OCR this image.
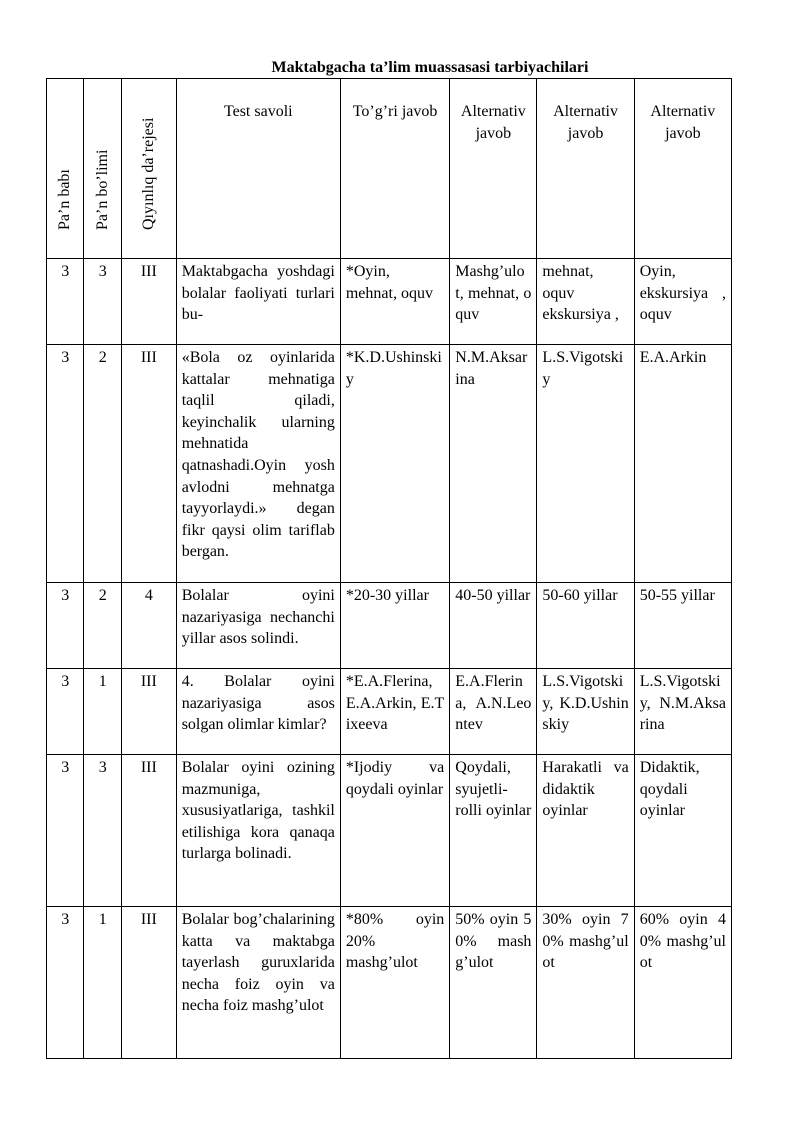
Maktabgacha ta’lim muassasasi tarbiyachilari
Pa’n babı	Pa’n bo’limi	Qıyınlıq da’rejesi	Test savoli	To’g’ri javob	Alternativ javob	Alternativ javob	Alternativ javob
3	3	III	Maktabgacha yoshdagi bolalar faoliyati turlari bu-	*Oyin, mehnat, oquv	Mashg’ulot, mehnat, oquv	mehnat, oquv ekskursiya ,	Oyin, ekskursiya , oquv
3	2	III	«Bola oz oyinlarida kattalar mehnatiga taqlil qiladi, keyinchalik ularning mehnatida qatnashadi.Oyin yosh avlodni mehnatga tayyorlaydi.» degan fikr qaysi olim tariflab bergan.	*K.D.Ushinskiy	N.M.Aksarina	L.S.Vigotskiy	E.A.Arkin
3	2	4	Bolalar oyini nazariyasiga nechanchi yillar asos solindi.	*20-30 yillar	40-50 yillar	50-60 yillar	50-55 yillar
3	1	III	4. Bolalar oyini nazariyasiga asos solgan olimlar kimlar?	*E.A.Flerina, E.A.Arkin, E.Tixeeva	E.A.Flerina, A.N.Leontev	L.S.Vigotskiy, K.D.Ushinskiy	L.S.Vigotskiy, N.M.Aksarina
3	3	III	Bolalar oyini ozining mazmuniga, xususiyatlariga, tashkil etilishiga kora qanaqa turlarga bolinadi.	*Ijodiy va qoydali oyinlar	Qoydali, syujetli-rolli oyinlar	Harakatli va didaktik oyinlar	Didaktik, qoydali oyinlar
3	1	III	Bolalar bog’chalarining katta va maktabga tayerlash guruxlarida necha foiz oyin va necha foiz mashg’ulot	*80% oyin 20% mashg’ulot	50% oyin 50% mashg’ulot	30% oyin 70% mashg’ulot	60% oyin 40% mashg’ulot
